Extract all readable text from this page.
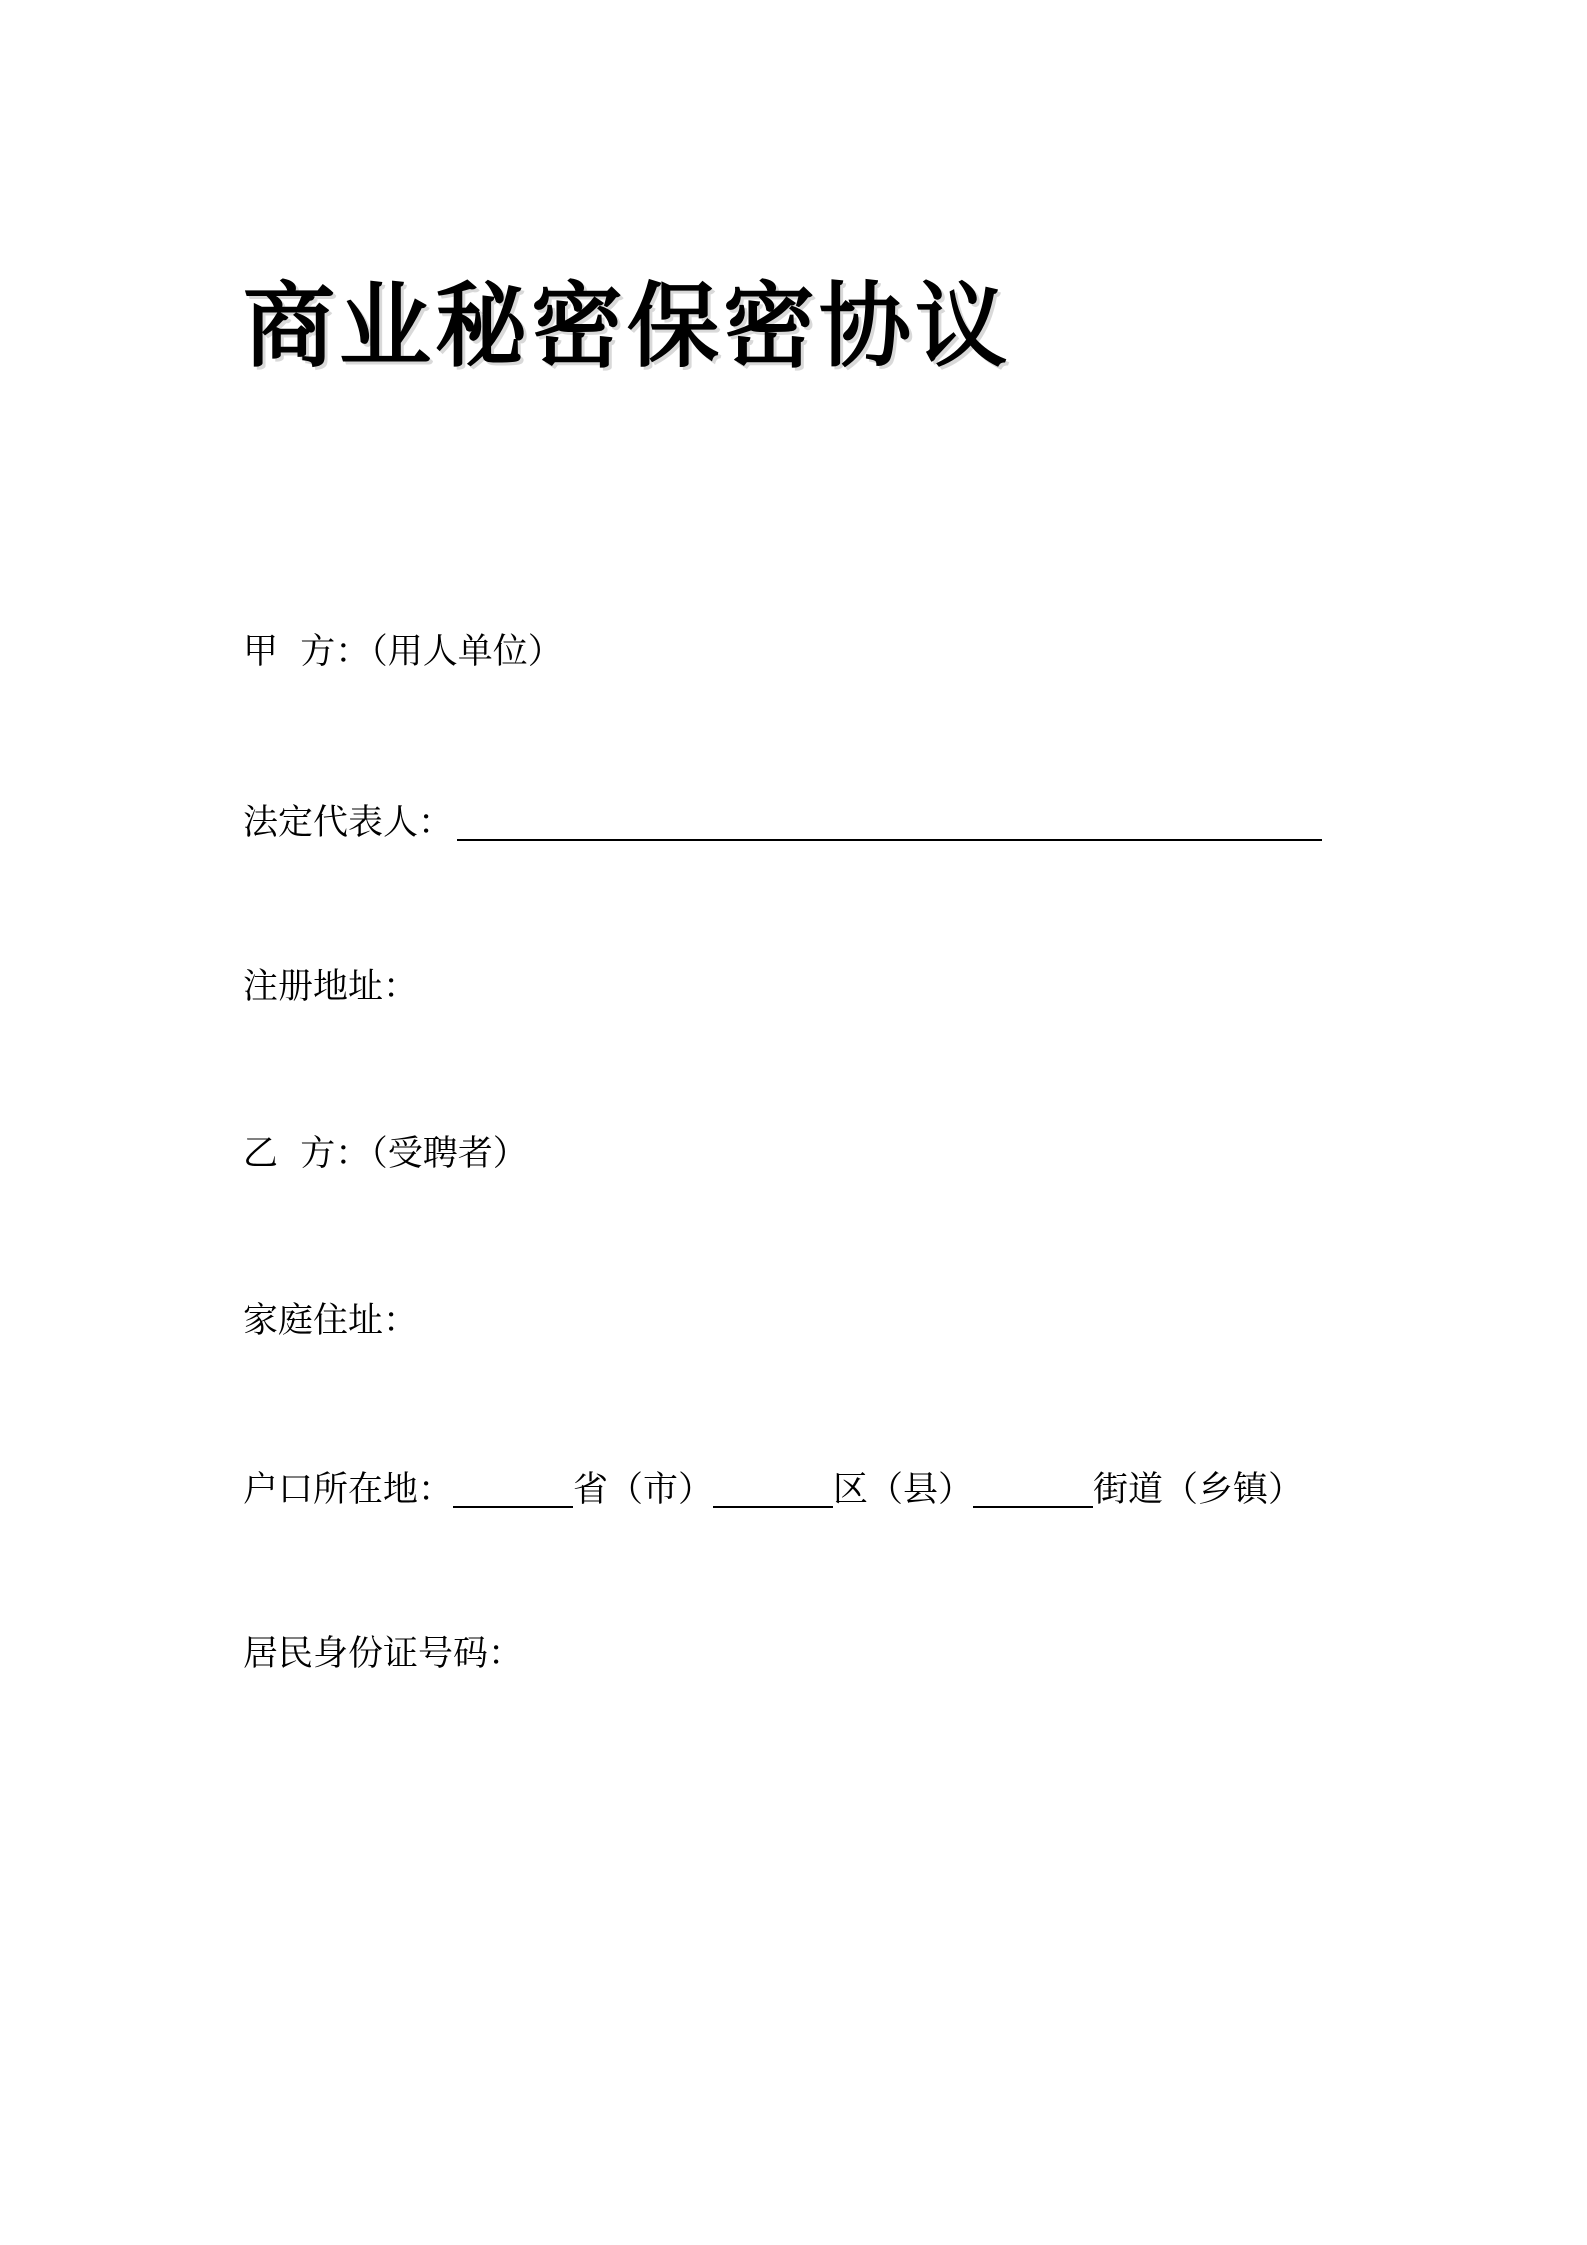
商业秘密保密协议
甲  方：（用人单位）
法定代表人：
注册地址：
乙  方：（受聘者）
家庭住址：
户口所在地：	省（市）	区（县）	街道（乡镇）
居民身份证号码：
